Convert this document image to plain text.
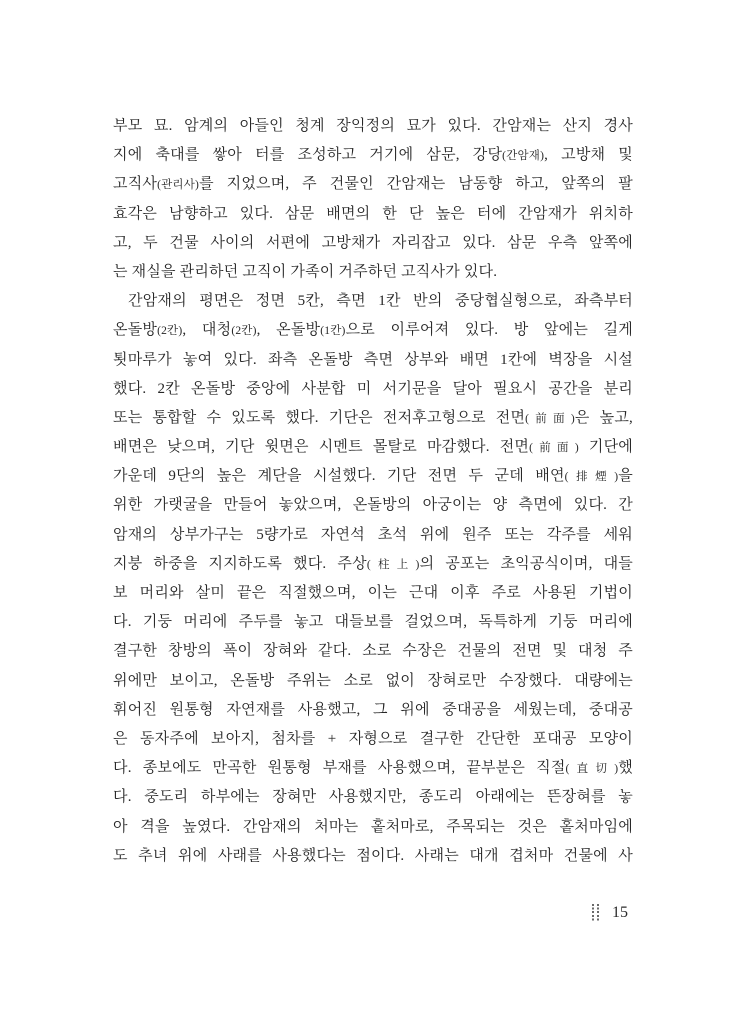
부모 묘. 암계의 아들인 청계 장익정의 묘가 있다. 간암재는 산지 경사
지에 축대를 쌓아 터를 조성하고 거기에 삼문, 강당(간암재), 고방채 및
고직사(관리사)를 지었으며, 주 건물인 간암재는 남동향 하고, 앞쪽의 팔
효각은 남향하고 있다. 삼문 배면의 한 단 높은 터에 간암재가 위치하
고, 두 건물 사이의 서편에 고방채가 자리잡고 있다. 삼문 우측 앞쪽에
는 재실을 관리하던 고직이 가족이 거주하던 고직사가 있다.
간암재의 평면은 정면 5칸, 측면 1칸 반의 중당협실형으로, 좌측부터
온돌방(2칸), 대청(2칸), 온돌방(1칸)으로 이루어져 있다. 방 앞에는 길게
툇마루가 놓여 있다. 좌측 온돌방 측면 상부와 배면 1칸에 벽장을 시설
했다. 2칸 온돌방 중앙에 사분합 미 서기문을 달아 필요시 공간을 분리
또는 통합할 수 있도록 했다. 기단은 전저후고형으로 전면(前面)은 높고,
배면은 낮으며, 기단 윗면은 시멘트 몰탈로 마감했다. 전면(前面) 기단에
가운데 9단의 높은 계단을 시설했다. 기단 전면 두 군데 배연(排煙)을
위한 가랫굴을 만들어 놓았으며, 온돌방의 아궁이는 양 측면에 있다. 간
암재의 상부가구는 5량가로 자연석 초석 위에 원주 또는 각주를 세워
지붕 하중을 지지하도록 했다. 주상(柱上)의 공포는 초익공식이며, 대들
보 머리와 살미 끝은 직절했으며, 이는 근대 이후 주로 사용된 기법이
다. 기둥 머리에 주두를 놓고 대들보를 걸었으며, 독특하게 기둥 머리에
결구한 창방의 폭이 장혀와 같다. 소로 수장은 건물의 전면 및 대청 주
위에만 보이고, 온돌방 주위는 소로 없이 장혀로만 수장했다. 대량에는
휘어진 원통형 자연재를 사용했고, 그 위에 중대공을 세웠는데, 중대공
은 동자주에 보아지, 첨차를 + 자형으로 결구한 간단한 포대공 모양이
다. 종보에도 만곡한 원통형 부재를 사용했으며, 끝부분은 직절(直切)했
다. 중도리 하부에는 장혀만 사용했지만, 종도리 아래에는 뜬장혀를 놓
아 격을 높였다. 간암재의 처마는 홑처마로, 주목되는 것은 홑처마임에
도 추녀 위에 사래를 사용했다는 점이다. 사래는 대개 겹처마 건물에 사
15
